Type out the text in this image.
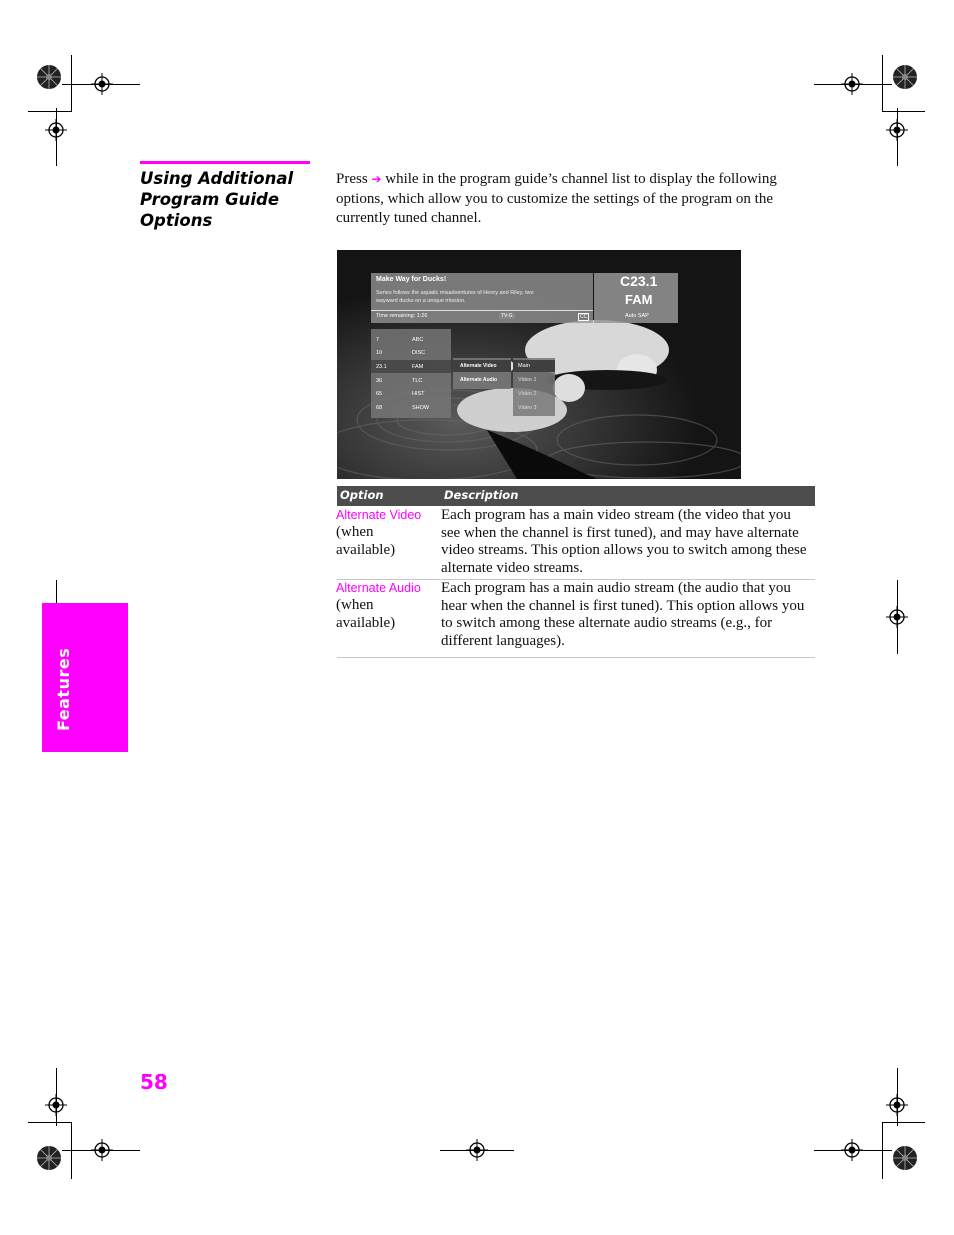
Using Additional
Program Guide
Options
Press ➔ while in the program guide’s channel list to display the following options, which allow you to customize the settings of the program on the currently tuned channel.
Make Way for Ducks!
Series follows the aquatic misadventures of Henry and Riley, two
wayward ducks on a unique mission.
Time remaining: 1:26	TV-G	CC
C23.1
FAM
Auto SAP
7	ABC
10	DISC
23.1	FAM
36	TLC
65	HIST
68	SHOW
Alternate Video
Alternate Audio
Main
Video 1
Video 2
Video 3
Option	Description
Alternate Video
(when
available)
Each program has a main video stream (the video that you see when the channel is first tuned), and may have alternate video streams. This option allows you to switch among these alternate video streams.
Alternate Audio
(when
available)
Each program has a main audio stream (the audio that you hear when the channel is first tuned). This option allows you to switch among these alternate audio streams (e.g., for different languages).
Features
58
